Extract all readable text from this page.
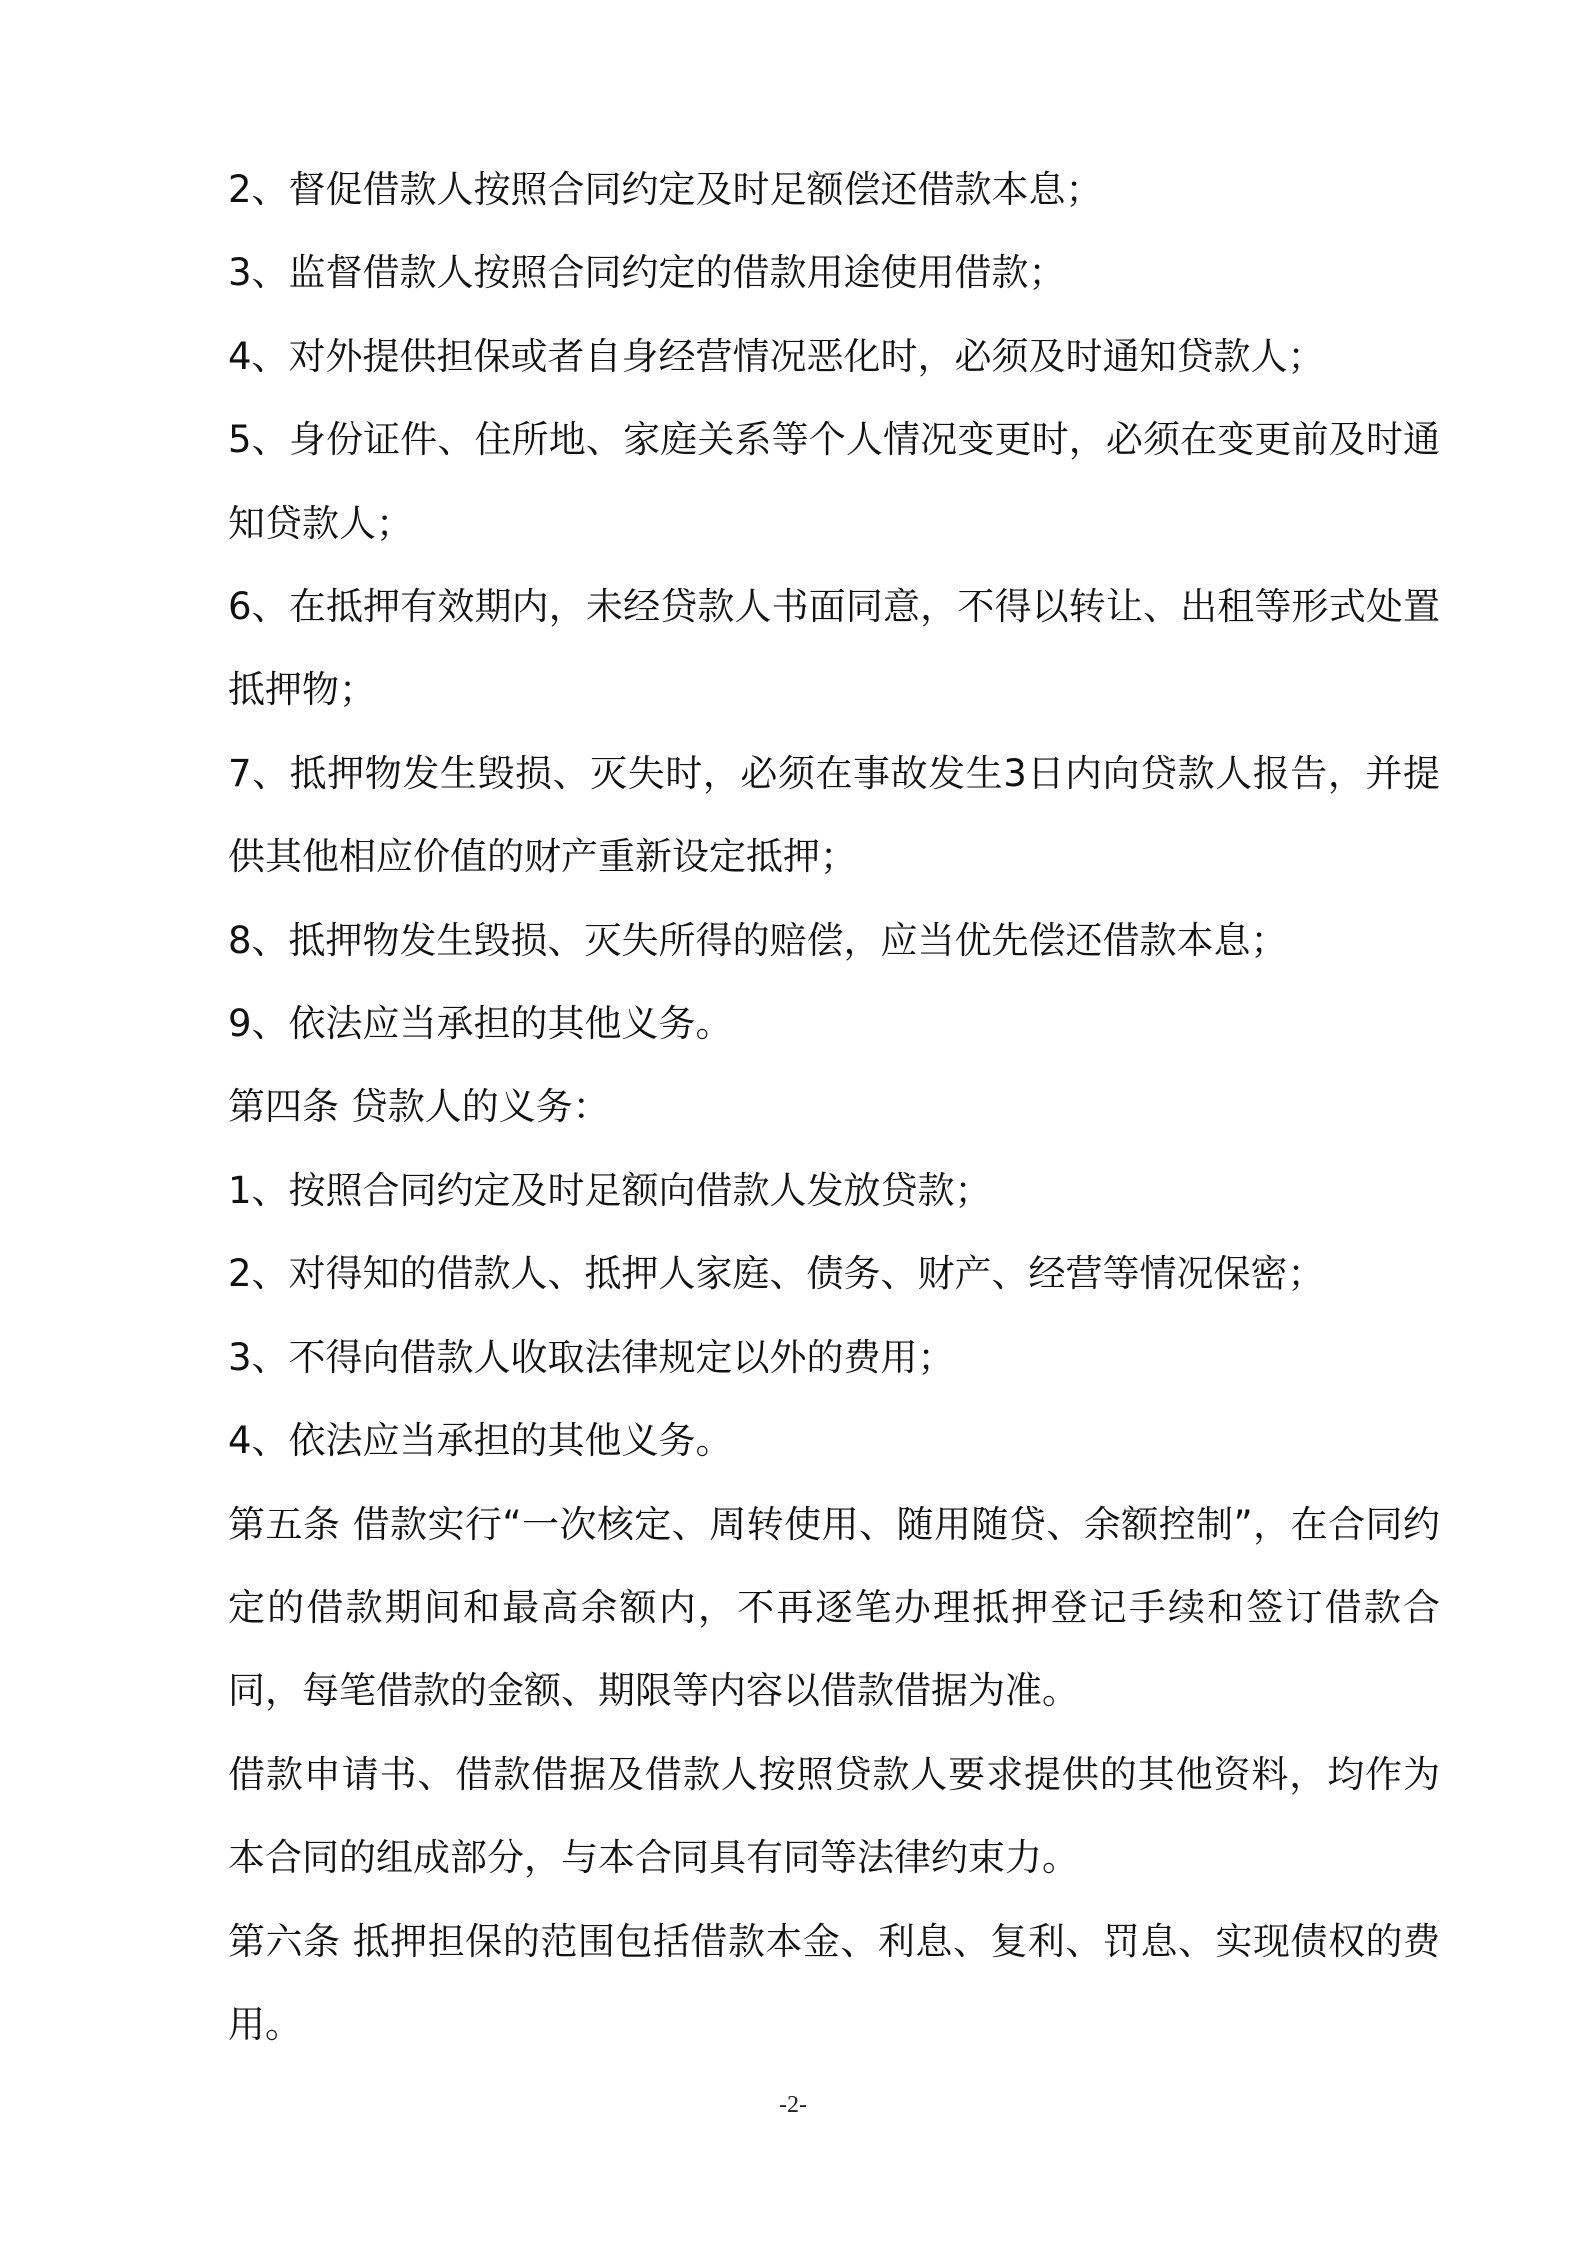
2、督促借款人按照合同约定及时足额偿还借款本息；

3、监督借款人按照合同约定的借款用途使用借款；

4、对外提供担保或者自身经营情况恶化时，必须及时通知贷款人；

5、身份证件、住所地、家庭关系等个人情况变更时，必须在变更前及时通知贷款人；

6、在抵押有效期内，未经贷款人书面同意，不得以转让、出租等形式处置抵押物；

7、抵押物发生毁损、灭失时，必须在事故发生3日内向贷款人报告，并提供其他相应价值的财产重新设定抵押；

8、抵押物发生毁损、灭失所得的赔偿，应当优先偿还借款本息；

9、依法应当承担的其他义务。

第四条 贷款人的义务：

1、按照合同约定及时足额向借款人发放贷款；

2、对得知的借款人、抵押人家庭、债务、财产、经营等情况保密；

3、不得向借款人收取法律规定以外的费用；

4、依法应当承担的其他义务。

第五条 借款实行“一次核定、周转使用、随用随贷、余额控制”，在合同约定的借款期间和最高余额内，不再逐笔办理抵押登记手续和签订借款合同，每笔借款的金额、期限等内容以借款借据为准。

借款申请书、借款借据及借款人按照贷款人要求提供的其他资料，均作为本合同的组成部分，与本合同具有同等法律约束力。

第六条 抵押担保的范围包括借款本金、利息、复利、罚息、实现债权的费用。

-2-
